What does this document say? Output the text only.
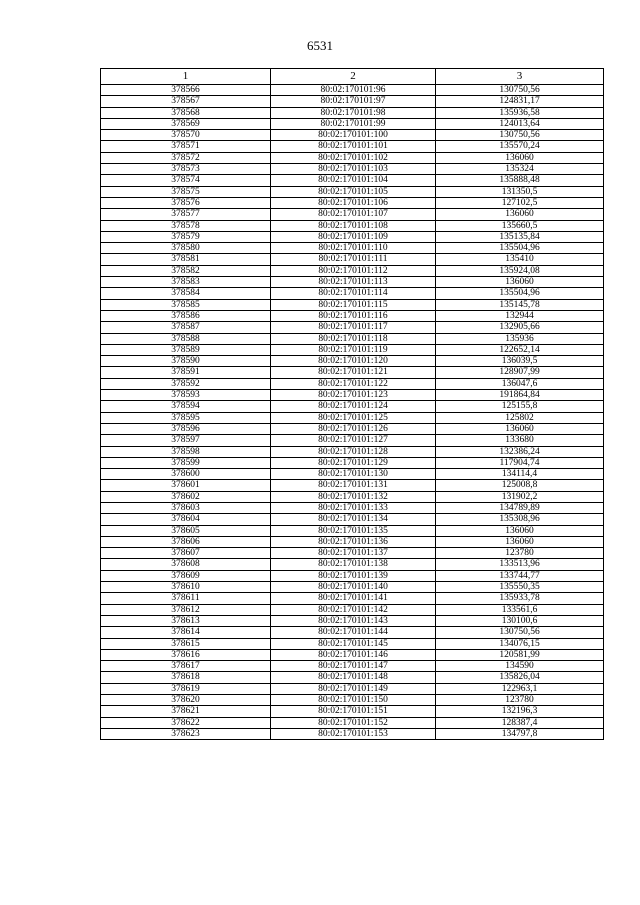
6531
1	2	3
378566	80:02:170101:96	130750,56
378567	80:02:170101:97	124831,17
378568	80:02:170101:98	135936,58
378569	80:02:170101:99	124013,64
378570	80:02:170101:100	130750,56
378571	80:02:170101:101	135570,24
378572	80:02:170101:102	136060
378573	80:02:170101:103	135324
378574	80:02:170101:104	135888,48
378575	80:02:170101:105	131350,5
378576	80:02:170101:106	127102,5
378577	80:02:170101:107	136060
378578	80:02:170101:108	135660,5
378579	80:02:170101:109	135135,84
378580	80:02:170101:110	135504,96
378581	80:02:170101:111	135410
378582	80:02:170101:112	135924,08
378583	80:02:170101:113	136060
378584	80:02:170101:114	135504,96
378585	80:02:170101:115	135145,78
378586	80:02:170101:116	132944
378587	80:02:170101:117	132905,66
378588	80:02:170101:118	135936
378589	80:02:170101:119	122652,14
378590	80:02:170101:120	136039,5
378591	80:02:170101:121	128907,99
378592	80:02:170101:122	136047,6
378593	80:02:170101:123	191864,84
378594	80:02:170101:124	125155,8
378595	80:02:170101:125	125802
378596	80:02:170101:126	136060
378597	80:02:170101:127	133680
378598	80:02:170101:128	132386,24
378599	80:02:170101:129	117904,74
378600	80:02:170101:130	134114,4
378601	80:02:170101:131	125008,8
378602	80:02:170101:132	131902,2
378603	80:02:170101:133	134789,89
378604	80:02:170101:134	135308,96
378605	80:02:170101:135	136060
378606	80:02:170101:136	136060
378607	80:02:170101:137	123780
378608	80:02:170101:138	133513,96
378609	80:02:170101:139	133744,77
378610	80:02:170101:140	135550,35
378611	80:02:170101:141	135933,78
378612	80:02:170101:142	133561,6
378613	80:02:170101:143	130100,6
378614	80:02:170101:144	130750,56
378615	80:02:170101:145	134076,15
378616	80:02:170101:146	120581,99
378617	80:02:170101:147	134590
378618	80:02:170101:148	135826,04
378619	80:02:170101:149	122963,1
378620	80:02:170101:150	123780
378621	80:02:170101:151	132196,3
378622	80:02:170101:152	128387,4
378623	80:02:170101:153	134797,8
